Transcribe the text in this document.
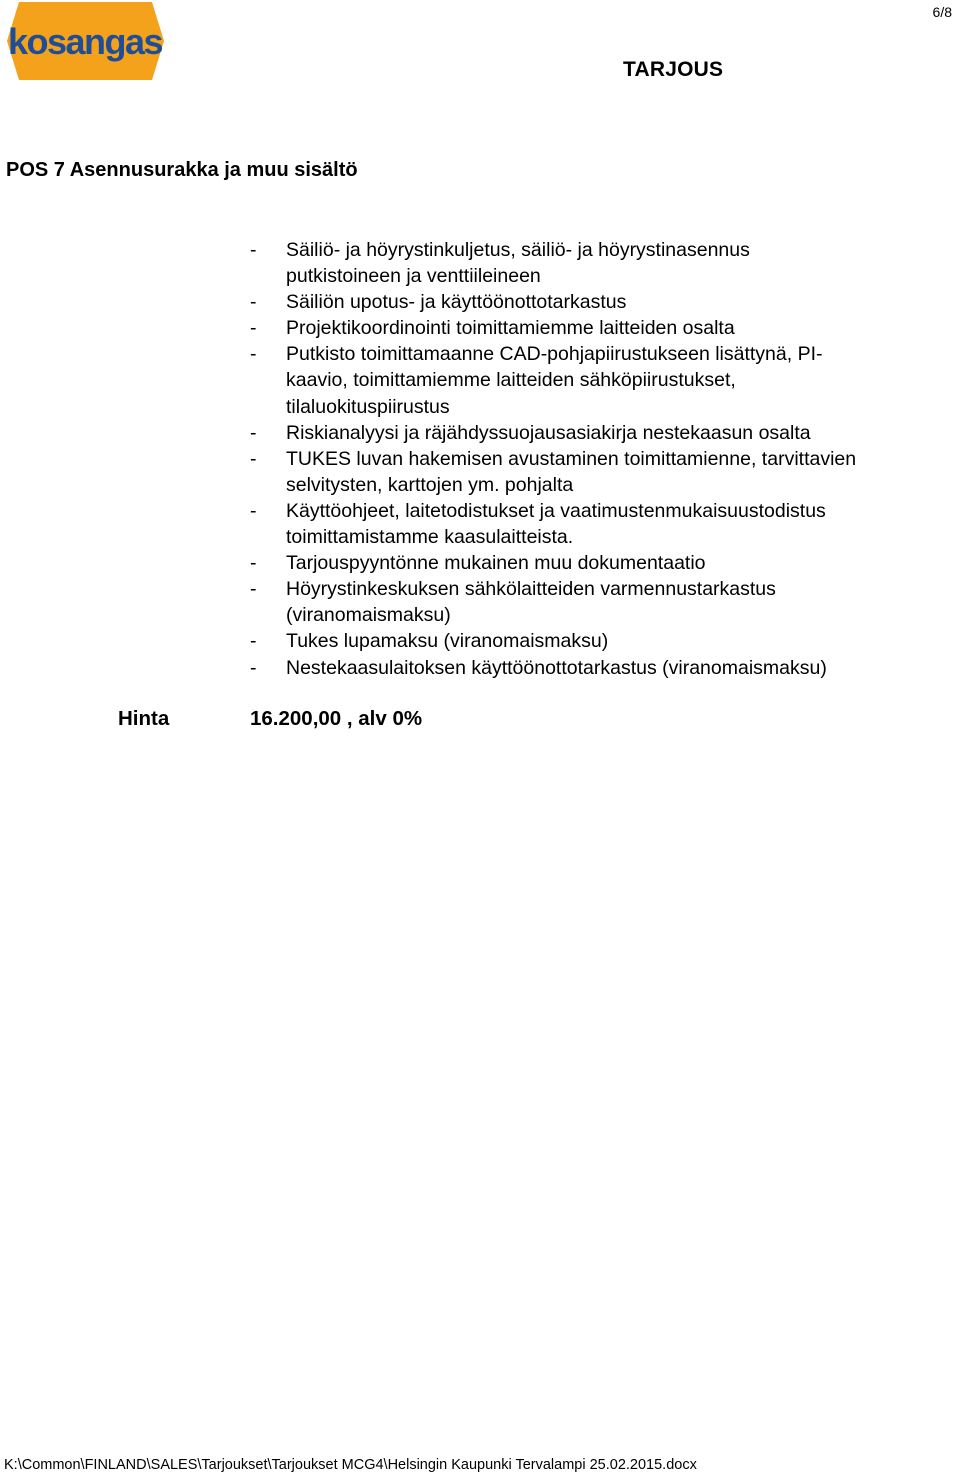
6/8
kosangas
TARJOUS
POS 7 Asennusurakka ja muu sisältö
- Säiliö- ja höyrystinkuljetus, säiliö- ja höyrystinasennus
putkistoineen ja venttiileineen
- Säiliön upotus- ja käyttöönottotarkastus
- Projektikoordinointi toimittamiemme laitteiden osalta
- Putkisto toimittamaanne CAD-pohjapiirustukseen lisättynä, PI-
kaavio, toimittamiemme laitteiden sähköpiirustukset,
tilaluokituspiirustus
- Riskianalyysi ja räjähdyssuojausasiakirja nestekaasun osalta
- TUKES luvan hakemisen avustaminen toimittamienne, tarvittavien
selvitysten, karttojen ym. pohjalta
- Käyttöohjeet, laitetodistukset ja vaatimustenmukaisuustodistus
toimittamistamme kaasulaitteista.
- Tarjouspyyntönne mukainen muu dokumentaatio
- Höyrystinkeskuksen sähkölaitteiden varmennustarkastus
(viranomaismaksu)
- Tukes lupamaksu (viranomaismaksu)
- Nestekaasulaitoksen käyttöönottotarkastus (viranomaismaksu)
Hinta	16.200,00 , alv 0%
K:\Common\FINLAND\SALES\Tarjoukset\Tarjoukset MCG4\Helsingin Kaupunki Tervalampi 25.02.2015.docx
